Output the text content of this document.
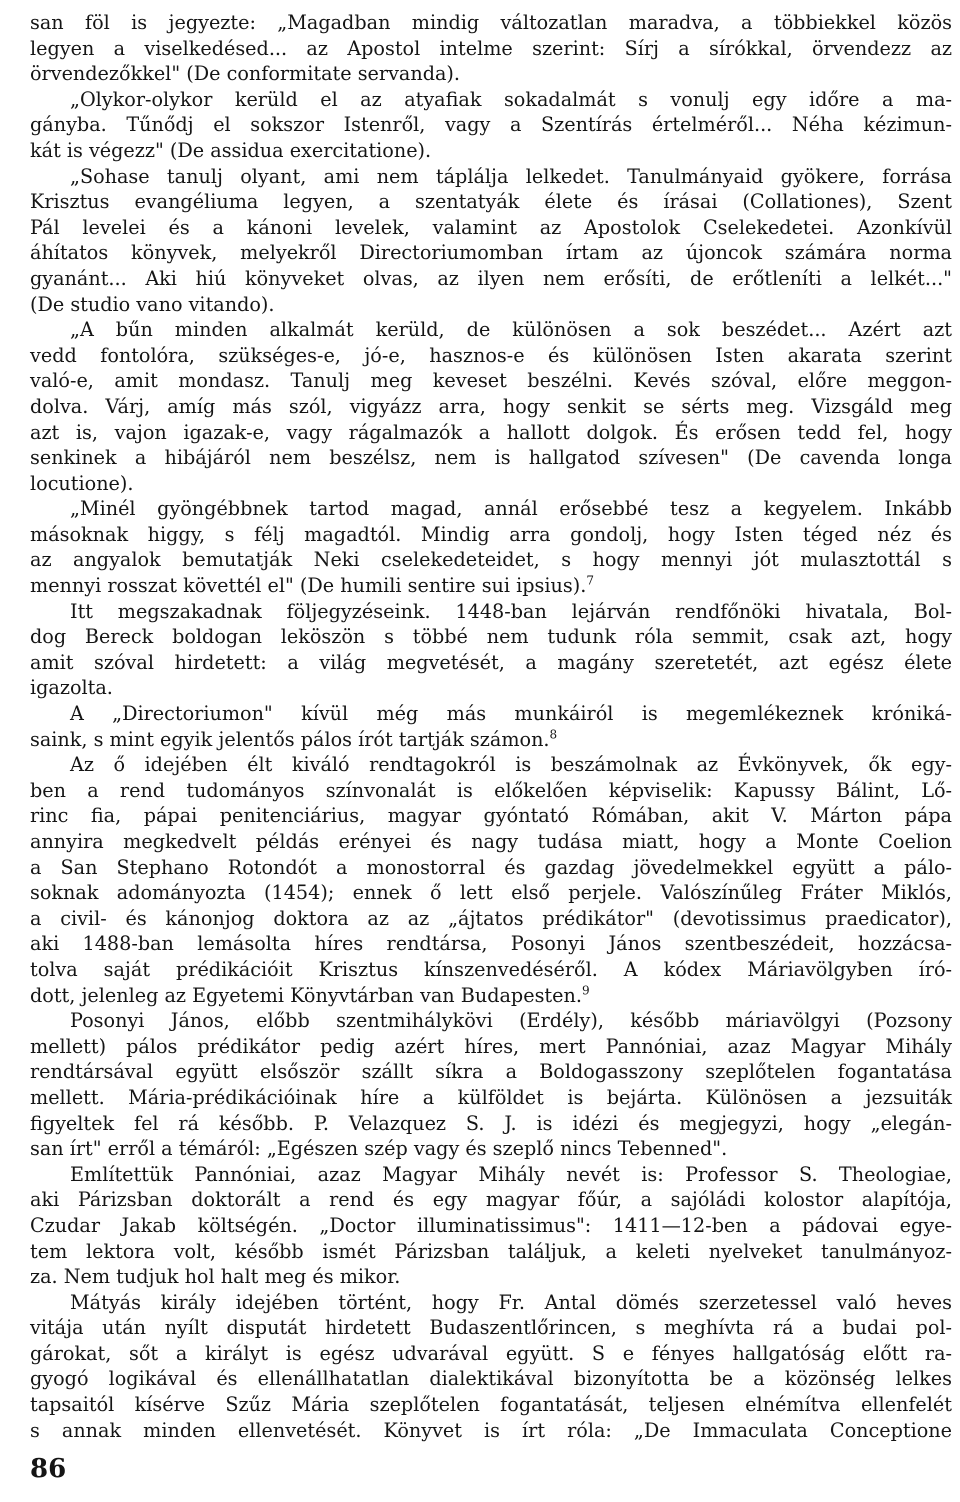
san föl is jegyezte: „Magadban mindig változatlan maradva, a többiekkel közös
legyen a viselkedésed... az Apostol intelme szerint: Sírj a sírókkal, örvendezz az
örvendezőkkel" (De conformitate servanda).
„Olykor-olykor kerüld el az atyafiak sokadalmát s vonulj egy időre a ma-
gányba. Tűnődj el sokszor Istenről, vagy a Szentírás értelméről... Néha kézimun-
kát is végezz" (De assidua exercitatione).
„Sohase tanulj olyant, ami nem táplálja lelkedet. Tanulmányaid gyökere, forrása
Krisztus evangéliuma legyen, a szentatyák élete és írásai (Collationes), Szent
Pál levelei és a kánoni levelek, valamint az Apostolok Cselekedetei. Azonkívül
áhítatos könyvek, melyekről Directoriumomban írtam az újoncok számára norma
gyanánt... Aki hiú könyveket olvas, az ilyen nem erősíti, de erőtleníti a lelkét..."
(De studio vano vitando).
„A bűn minden alkalmát kerüld, de különösen a sok beszédet... Azért azt
vedd fontolóra, szükséges-e, jó-e, hasznos-e és különösen Isten akarata szerint
való-e, amit mondasz. Tanulj meg keveset beszélni. Kevés szóval, előre meggon-
dolva. Várj, amíg más szól, vigyázz arra, hogy senkit se sérts meg. Vizsgáld meg
azt is, vajon igazak-e, vagy rágalmazók a hallott dolgok. És erősen tedd fel, hogy
senkinek a hibájáról nem beszélsz, nem is hallgatod szívesen" (De cavenda longa
locutione).
„Minél gyöngébbnek tartod magad, annál erősebbé tesz a kegyelem. Inkább
másoknak higgy, s félj magadtól. Mindig arra gondolj, hogy Isten téged néz és
az angyalok bemutatják Neki cselekedeteidet, s hogy mennyi jót mulasztottál s
mennyi rosszat követtél el" (De humili sentire sui ipsius).$^7$
Itt megszakadnak följegyzéseink. 1448-ban lejárván rendfőnöki hivatala, Bol-
dog Bereck boldogan leköszön s többé nem tudunk róla semmit, csak azt, hogy
amit szóval hirdetett: a világ megvetését, a magány szeretetét, azt egész élete
igazolta.
A „Directoriumon" kívül még más munkáiról is megemlékeznek króniká-
saink, s mint egyik jelentős pálos írót tartják számon.$^8$
Az ő idejében élt kiváló rendtagokról is beszámolnak az Évkönyvek, ők egy-
ben a rend tudományos színvonalát is előkelően képviselik: Kapussy Bálint, Lő-
rinc fia, pápai penitenciárius, magyar gyóntató Rómában, akit V. Márton pápa
annyira megkedvelt példás erényei és nagy tudása miatt, hogy a Monte Coelion
a San Stephano Rotondót a monostorral és gazdag jövedelmekkel együtt a pálo-
soknak adományozta (1454); ennek ő lett első perjele. Valószínűleg Fráter Miklós,
a civil- és kánonjog doktora az az „ájtatos prédikátor" (devotissimus praedicator),
aki 1488-ban lemásolta híres rendtársa, Posonyi János szentbeszédeit, hozzácsa-
tolva saját prédikációit Krisztus kínszenvedéséről. A kódex Máriavölgyben író-
dott, jelenleg az Egyetemi Könyvtárban van Budapesten.$^9$
Posonyi János, előbb szentmihálykövi (Erdély), később máriavölgyi (Pozsony
mellett) pálos prédikátor pedig azért híres, mert Pannóniai, azaz Magyar Mihály
rendtársával együtt elsőször szállt síkra a Boldogasszony szeplőtelen fogantatása
mellett. Mária-prédikációinak híre a külföldet is bejárta. Különösen a jezsuiták
figyeltek fel rá később. P. Velazquez S. J. is idézi és megjegyzi, hogy „elegán-
san írt" erről a témáról: „Egészen szép vagy és szeplő nincs Tebenned".
Említettük Pannóniai, azaz Magyar Mihály nevét is: Professor S. Theologiae,
aki Párizsban doktorált a rend és egy magyar főúr, a sajóládi kolostor alapítója,
Czudar Jakab költségén. „Doctor illuminatissimus": 1411—12-ben a pádovai egye-
tem lektora volt, később ismét Párizsban találjuk, a keleti nyelveket tanulmányoz-
za. Nem tudjuk hol halt meg és mikor.
Mátyás király idejében történt, hogy Fr. Antal dömés szerzetessel való heves
vitája után nyílt disputát hirdetett Budaszentlőrincen, s meghívta rá a budai pol-
gárokat, sőt a királyt is egész udvarával együtt. S e fényes hallgatóság előtt ra-
gyogó logikával és ellenállhatatlan dialektikával bizonyította be a közönség lelkes
tapsaitól kísérve Szűz Mária szeplőtelen fogantatását, teljesen elnémítva ellenfelét
s annak minden ellenvetését. Könyvet is írt róla: „De Immaculata Conceptione
86
